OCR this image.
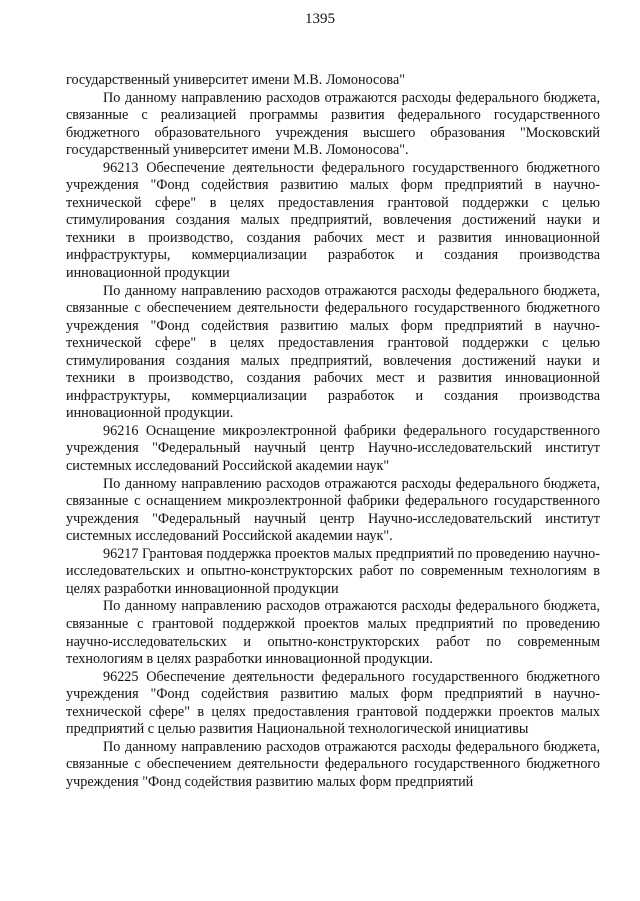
1395

государственный университет имени М.В. Ломоносова"

По данному направлению расходов отражаются расходы федерального бюджета, связанные с реализацией программы развития федерального государственного бюджетного образовательного учреждения высшего образования "Московский государственный университет имени М.В. Ломоносова".

96213 Обеспечение деятельности федерального государственного бюджетного учреждения "Фонд содействия развитию малых форм предприятий в научно-технической сфере" в целях предоставления грантовой поддержки с целью стимулирования создания малых предприятий, вовлечения достижений науки и техники в производство, создания рабочих мест и развития инновационной инфраструктуры, коммерциализации разработок и создания производства инновационной продукции

По данному направлению расходов отражаются расходы федерального бюджета, связанные с обеспечением деятельности федерального государственного бюджетного учреждения "Фонд содействия развитию малых форм предприятий в научно-технической сфере" в целях предоставления грантовой поддержки с целью стимулирования создания малых предприятий, вовлечения достижений науки и техники в производство, создания рабочих мест и развития инновационной инфраструктуры, коммерциализации разработок и создания производства инновационной продукции.

96216 Оснащение микроэлектронной фабрики федерального государственного учреждения "Федеральный научный центр Научно-исследовательский институт системных исследований Российской академии наук"

По данному направлению расходов отражаются расходы федерального бюджета, связанные с оснащением микроэлектронной фабрики федерального государственного учреждения "Федеральный научный центр Научно-исследовательский институт системных исследований Российской академии наук".

96217 Грантовая поддержка проектов малых предприятий по проведению научно-исследовательских и опытно-конструкторских работ по современным технологиям в целях разработки инновационной продукции

По данному направлению расходов отражаются расходы федерального бюджета, связанные с грантовой поддержкой проектов малых предприятий по проведению научно-исследовательских и опытно-конструкторских работ по современным технологиям в целях разработки инновационной продукции.

96225 Обеспечение деятельности федерального государственного бюджетного учреждения "Фонд содействия развитию малых форм предприятий в научно-технической сфере" в целях предоставления грантовой поддержки проектов малых предприятий с целью развития Национальной технологической инициативы

По данному направлению расходов отражаются расходы федерального бюджета, связанные с обеспечением деятельности федерального государственного бюджетного учреждения "Фонд содействия развитию малых форм предприятий
